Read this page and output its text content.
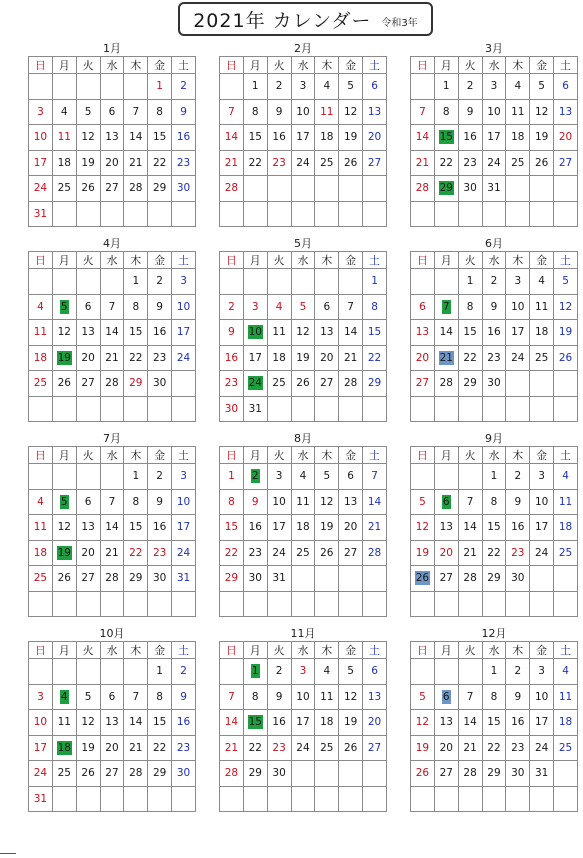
2021年 カレンダー 令和3年
1月
日	月	火	水	木	金	土
					1	2
3	4	5	6	7	8	9
10	11	12	13	14	15	16
17	18	19	20	21	22	23
24	25	26	27	28	29	30
31						
2月
日	月	火	水	木	金	土
	1	2	3	4	5	6
7	8	9	10	11	12	13
14	15	16	17	18	19	20
21	22	23	24	25	26	27
28						

3月
日	月	火	水	木	金	土
	1	2	3	4	5	6
7	8	9	10	11	12	13
14	15	16	17	18	19	20
21	22	23	24	25	26	27
28	29	30	31			

4月
日	月	火	水	木	金	土
				1	2	3
4	5	6	7	8	9	10
11	12	13	14	15	16	17
18	19	20	21	22	23	24
25	26	27	28	29	30	

5月
日	月	火	水	木	金	土
						1
2	3	4	5	6	7	8
9	10	11	12	13	14	15
16	17	18	19	20	21	22
23	24	25	26	27	28	29
30	31					
6月
日	月	火	水	木	金	土
		1	2	3	4	5
6	7	8	9	10	11	12
13	14	15	16	17	18	19
20	21	22	23	24	25	26
27	28	29	30			

7月
日	月	火	水	木	金	土
				1	2	3
4	5	6	7	8	9	10
11	12	13	14	15	16	17
18	19	20	21	22	23	24
25	26	27	28	29	30	31

8月
日	月	火	水	木	金	土
1	2	3	4	5	6	7
8	9	10	11	12	13	14
15	16	17	18	19	20	21
22	23	24	25	26	27	28
29	30	31				

9月
日	月	火	水	木	金	土
			1	2	3	4
5	6	7	8	9	10	11
12	13	14	15	16	17	18
19	20	21	22	23	24	25
26	27	28	29	30		

10月
日	月	火	水	木	金	土
					1	2
3	4	5	6	7	8	9
10	11	12	13	14	15	16
17	18	19	20	21	22	23
24	25	26	27	28	29	30
31						
11月
日	月	火	水	木	金	土
	1	2	3	4	5	6
7	8	9	10	11	12	13
14	15	16	17	18	19	20
21	22	23	24	25	26	27
28	29	30				

12月
日	月	火	水	木	金	土
			1	2	3	4
5	6	7	8	9	10	11
12	13	14	15	16	17	18
19	20	21	22	23	24	25
26	27	28	29	30	31	
